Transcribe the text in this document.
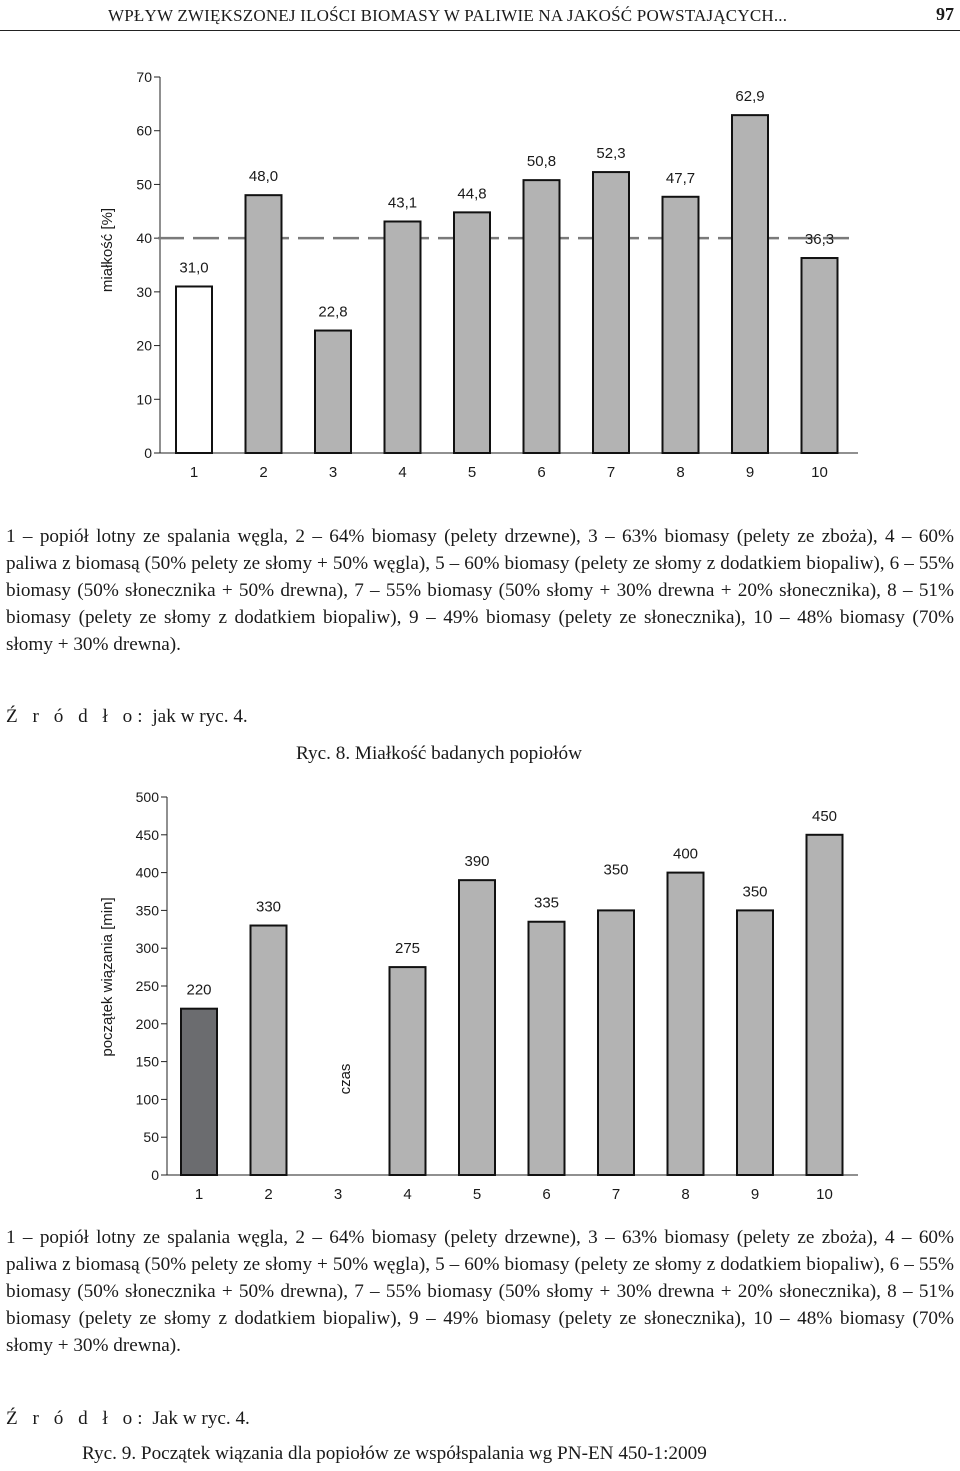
WPŁYW ZWIĘKSZONEJ ILOŚCI BIOMASY W PALIWIE NA JAKOŚĆ POWSTAJĄCYCH...	97
0
10
20
30
40
50
60
70
miałkość [%]
1
31,0
2
48,0
3
22,8
4
43,1
5
44,8
6
50,8
7
52,3
8
47,7
9
62,9
10
36,3
1 – popiół lotny ze spalania węgla, 2 – 64% biomasy (pelety drzewne), 3 – 63% biomasy (pelety ze zboża), 4 – 60% paliwa z biomasą (50% pelety ze słomy + 50% węgla), 5 – 60% biomasy (pelety ze słomy z dodatkiem biopaliw), 6 – 55% biomasy (50% słonecznika + 50% drewna), 7 – 55% biomasy (50% słomy + 30% drewna + 20% słonecznika), 8 – 51% biomasy (pelety ze słomy z dodatkiem biopaliw), 9 – 49% biomasy (pelety ze słonecznika), 10 – 48% biomasy (70% słomy + 30% drewna).
Ź r ó d ł o: jak w ryc. 4.
Ryc. 8. Miałkość badanych popiołów
0
50
100
150
200
250
300
350
400
450
500
początek wiązania [min]
1
220
2
330
3
czas
4
275
5
390
6
335
7
350
8
400
9
350
10
450
1 – popiół lotny ze spalania węgla, 2 – 64% biomasy (pelety drzewne), 3 – 63% biomasy (pelety ze zboża), 4 – 60% paliwa z biomasą (50% pelety ze słomy + 50% węgla), 5 – 60% biomasy (pelety ze słomy z dodatkiem biopaliw), 6 – 55% biomasy (50% słonecznika + 50% drewna), 7 – 55% biomasy (50% słomy + 30% drewna + 20% słonecznika), 8 – 51% biomasy (pelety ze słomy z dodatkiem biopaliw), 9 – 49% biomasy (pelety ze słonecznika), 10 – 48% biomasy (70% słomy + 30% drewna).
Ź r ó d ł o: Jak w ryc. 4.
Ryc. 9. Początek wiązania dla popiołów ze współspalania wg PN-EN 450-1:2009
